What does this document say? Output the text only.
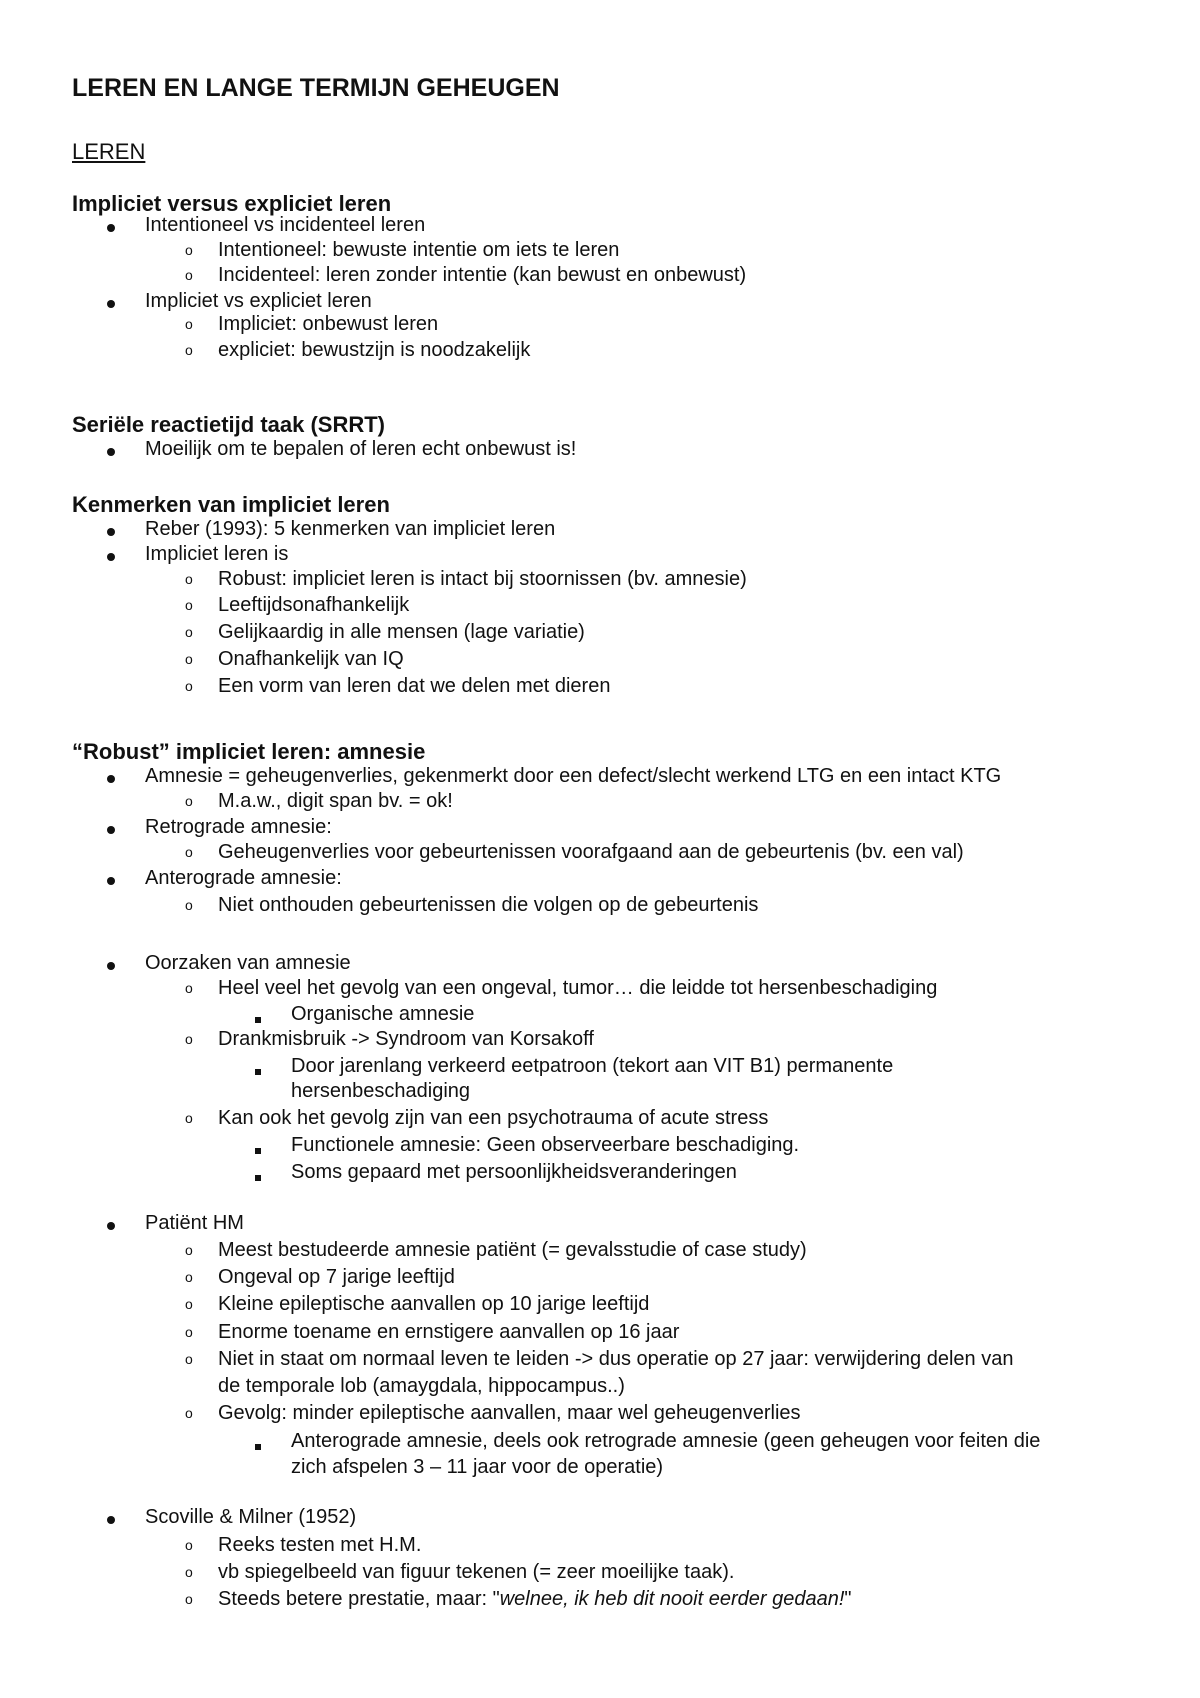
LEREN EN LANGE TERMIJN GEHEUGEN
LEREN
Impliciet versus expliciet leren
Intentioneel vs incidenteel leren
o Intentioneel: bewuste intentie om iets te leren
o Incidenteel: leren zonder intentie (kan bewust en onbewust)
Impliciet vs expliciet leren
o Impliciet: onbewust leren
o expliciet: bewustzijn is noodzakelijk
Seriële reactietijd taak (SRRT)
Moeilijk om te bepalen of leren echt onbewust is!
Kenmerken van impliciet leren
Reber (1993): 5 kenmerken van impliciet leren
Impliciet leren is
o Robust: impliciet leren is intact bij stoornissen (bv. amnesie)
o Leeftijdsonafhankelijk
o Gelijkaardig in alle mensen (lage variatie)
o Onafhankelijk van IQ
o Een vorm van leren dat we delen met dieren
“Robust” impliciet leren: amnesie
Amnesie = geheugenverlies, gekenmerkt door een defect/slecht werkend LTG en een intact KTG
o M.a.w., digit span bv. = ok!
Retrograde amnesie:
o Geheugenverlies voor gebeurtenissen voorafgaand aan de gebeurtenis (bv. een val)
Anterograde amnesie:
o Niet onthouden gebeurtenissen die volgen op de gebeurtenis
Oorzaken van amnesie
o Heel veel het gevolg van een ongeval, tumor… die leidde tot hersenbeschadiging
Organische amnesie
o Drankmisbruik -> Syndroom van Korsakoff
Door jarenlang verkeerd eetpatroon (tekort aan VIT B1) permanente
hersenbeschadiging
o Kan ook het gevolg zijn van een psychotrauma of acute stress
Functionele amnesie: Geen observeerbare beschadiging.
Soms gepaard met persoonlijkheidsveranderingen
Patiënt HM
o Meest bestudeerde amnesie patiënt (= gevalsstudie of case study)
o Ongeval op 7 jarige leeftijd
o Kleine epileptische aanvallen op 10 jarige leeftijd
o Enorme toename en ernstigere aanvallen op 16 jaar
o Niet in staat om normaal leven te leiden -> dus operatie op 27 jaar: verwijdering delen van
de temporale lob (amaygdala, hippocampus..)
o Gevolg: minder epileptische aanvallen, maar wel geheugenverlies
Anterograde amnesie, deels ook retrograde amnesie (geen geheugen voor feiten die
zich afspelen 3 – 11 jaar voor de operatie)
Scoville & Milner (1952)
o Reeks testen met H.M.
o vb spiegelbeeld van figuur tekenen (= zeer moeilijke taak).
o Steeds betere prestatie, maar: "welnee, ik heb dit nooit eerder gedaan!"
